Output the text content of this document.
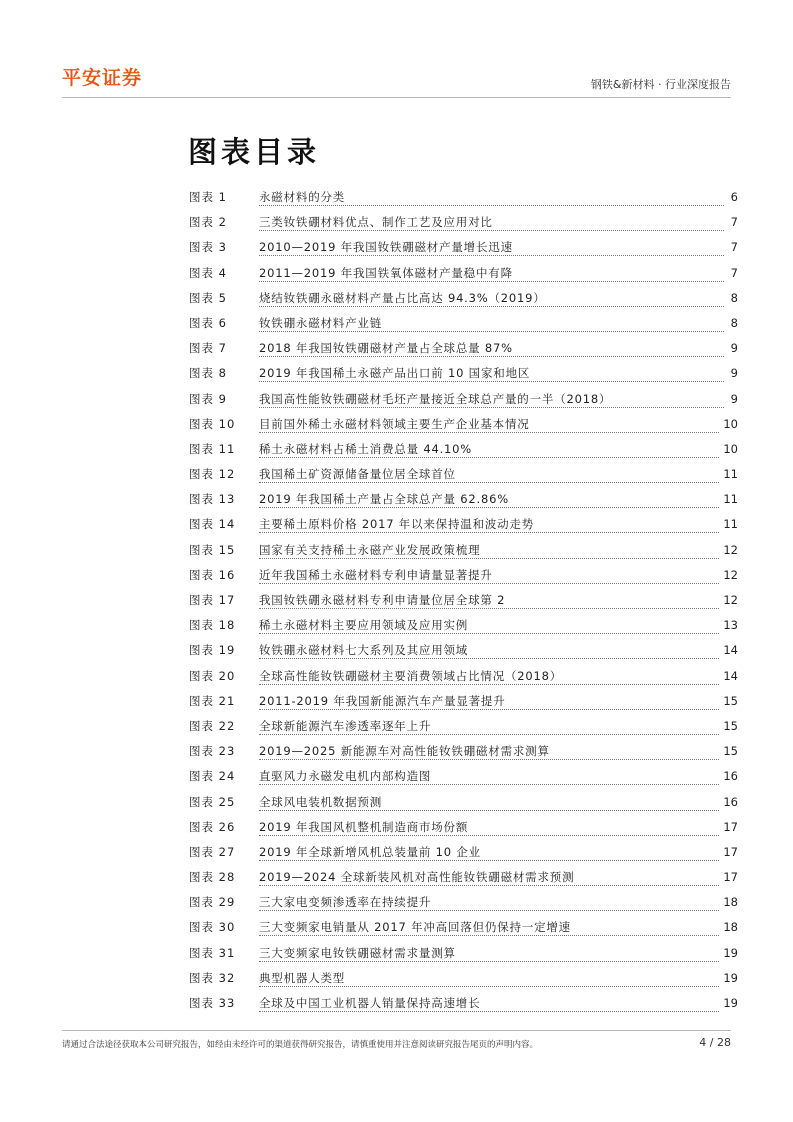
平安证券	钢铁&新材料 · 行业深度报告
图表目录
图表 1	永磁材料的分类	6
图表 2	三类钕铁硼材料优点、制作工艺及应用对比	7
图表 3	2010—2019 年我国钕铁硼磁材产量增长迅速	7
图表 4	2011—2019 年我国铁氧体磁材产量稳中有降	7
图表 5	烧结钕铁硼永磁材料产量占比高达 94.3%（2019）	8
图表 6	钕铁硼永磁材料产业链	8
图表 7	2018 年我国钕铁硼磁材产量占全球总量 87%	9
图表 8	2019 年我国稀土永磁产品出口前 10 国家和地区	9
图表 9	我国高性能钕铁硼磁材毛坯产量接近全球总产量的一半（2018）	9
图表 10	目前国外稀土永磁材料领域主要生产企业基本情况	10
图表 11	稀土永磁材料占稀土消费总量 44.10%	10
图表 12	我国稀土矿资源储备量位居全球首位	11
图表 13	2019 年我国稀土产量占全球总产量 62.86%	11
图表 14	主要稀土原料价格 2017 年以来保持温和波动走势	11
图表 15	国家有关支持稀土永磁产业发展政策梳理	12
图表 16	近年我国稀土永磁材料专利申请量显著提升	12
图表 17	我国钕铁硼永磁材料专利申请量位居全球第 2	12
图表 18	稀土永磁材料主要应用领域及应用实例	13
图表 19	钕铁硼永磁材料七大系列及其应用领域	14
图表 20	全球高性能钕铁硼磁材主要消费领域占比情况（2018）	14
图表 21	2011-2019 年我国新能源汽车产量显著提升	15
图表 22	全球新能源汽车渗透率逐年上升	15
图表 23	2019—2025 新能源车对高性能钕铁硼磁材需求测算	15
图表 24	直驱风力永磁发电机内部构造图	16
图表 25	全球风电装机数据预测	16
图表 26	2019 年我国风机整机制造商市场份额	17
图表 27	2019 年全球新增风机总装量前 10 企业	17
图表 28	2019—2024 全球新装风机对高性能钕铁硼磁材需求预测	17
图表 29	三大家电变频渗透率在持续提升	18
图表 30	三大变频家电销量从 2017 年冲高回落但仍保持一定增速	18
图表 31	三大变频家电钕铁硼磁材需求量测算	19
图表 32	典型机器人类型	19
图表 33	全球及中国工业机器人销量保持高速增长	19
请通过合法途径获取本公司研究报告，如经由未经许可的渠道获得研究报告，请慎重使用并注意阅读研究报告尾页的声明内容。	4 / 28
